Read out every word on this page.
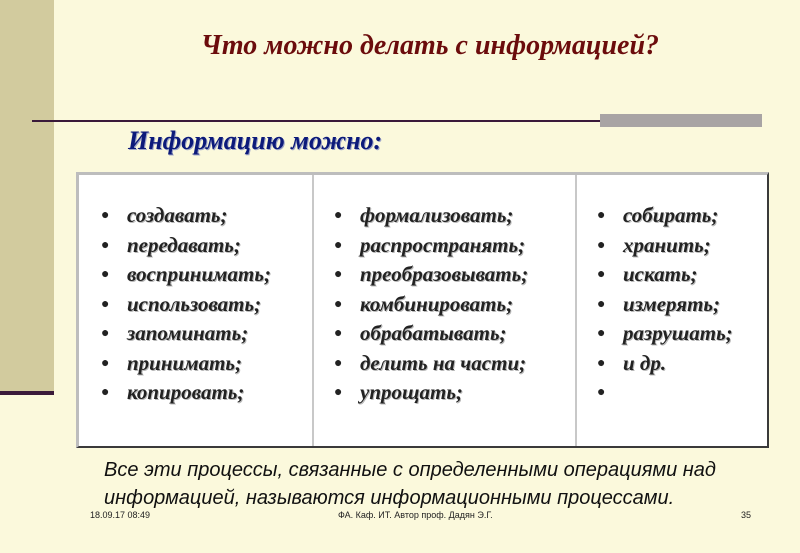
Что можно делать с информацией?
Информацию можно:
● создавать;
● передавать;
● воспринимать;
● использовать;
● запоминать;
● принимать;
● копировать;
● формализовать;
● распространять;
● преобразовывать;
● комбинировать;
● обрабатывать;
● делить на части;
● упрощать;
● собирать;
● хранить;
● искать;
● измерять;
● разрушать;
● и др.
●
Все эти процессы, связанные с определенными операциями над информацией, называются информационными процессами.
18.09.17 08:49	ФА. Каф. ИТ. Автор проф. Дадян Э.Г.	35
